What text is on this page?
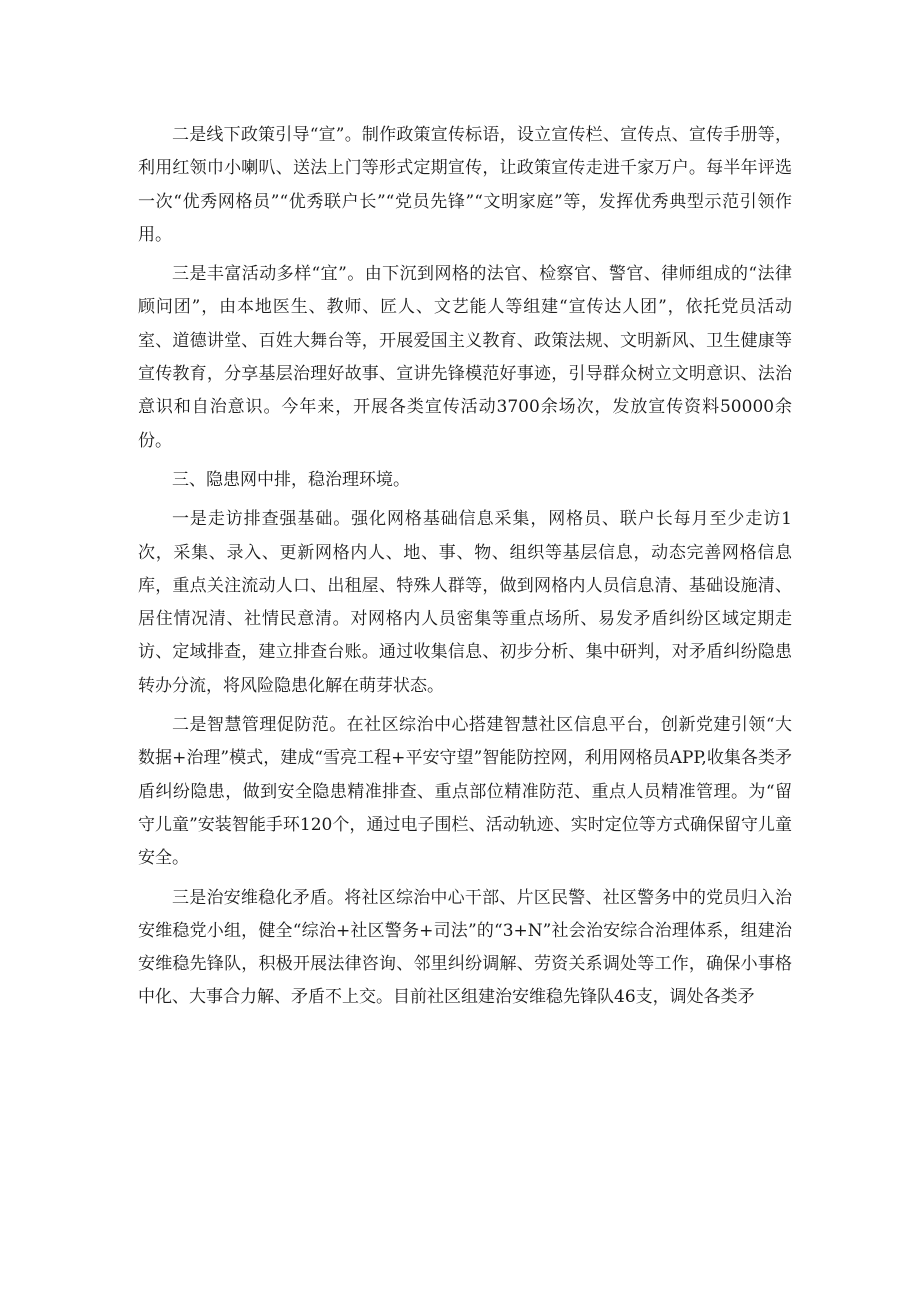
二是线下政策引导“宣”。制作政策宣传标语，设立宣传栏、宣传点、宣传手册等，利用红领巾小喇叭、送法上门等形式定期宣传，让政策宣传走进千家万户。每半年评选一次“优秀网格员”“优秀联户长”“党员先锋”“文明家庭”等，发挥优秀典型示范引领作用。

三是丰富活动多样“宜”。由下沉到网格的法官、检察官、警官、律师组成的“法律顾问团”，由本地医生、教师、匠人、文艺能人等组建“宣传达人团”，依托党员活动室、道德讲堂、百姓大舞台等，开展爱国主义教育、政策法规、文明新风、卫生健康等宣传教育，分享基层治理好故事、宣讲先锋模范好事迹，引导群众树立文明意识、法治意识和自治意识。今年来，开展各类宣传活动3700余场次，发放宣传资料50000余份。

三、隐患网中排，稳治理环境。

一是走访排查强基础。强化网格基础信息采集，网格员、联户长每月至少走访1次，采集、录入、更新网格内人、地、事、物、组织等基层信息，动态完善网格信息库，重点关注流动人口、出租屋、特殊人群等，做到网格内人员信息清、基础设施清、居住情况清、社情民意清。对网格内人员密集等重点场所、易发矛盾纠纷区域定期走访、定域排查，建立排查台账。通过收集信息、初步分析、集中研判，对矛盾纠纷隐患转办分流，将风险隐患化解在萌芽状态。

二是智慧管理促防范。在社区综治中心搭建智慧社区信息平台，创新党建引领“大数据+治理”模式，建成“雪亮工程+平安守望”智能防控网，利用网格员APP,收集各类矛盾纠纷隐患，做到安全隐患精准排查、重点部位精准防范、重点人员精准管理。为“留守儿童”安装智能手环120个，通过电子围栏、活动轨迹、实时定位等方式确保留守儿童安全。

三是治安维稳化矛盾。将社区综治中心干部、片区民警、社区警务中的党员归入治安维稳党小组，健全“综治+社区警务+司法”的“3+N”社会治安综合治理体系，组建治安维稳先锋队，积极开展法律咨询、邻里纠纷调解、劳资关系调处等工作，确保小事格中化、大事合力解、矛盾不上交。目前社区组建治安维稳先锋队46支，调处各类矛
